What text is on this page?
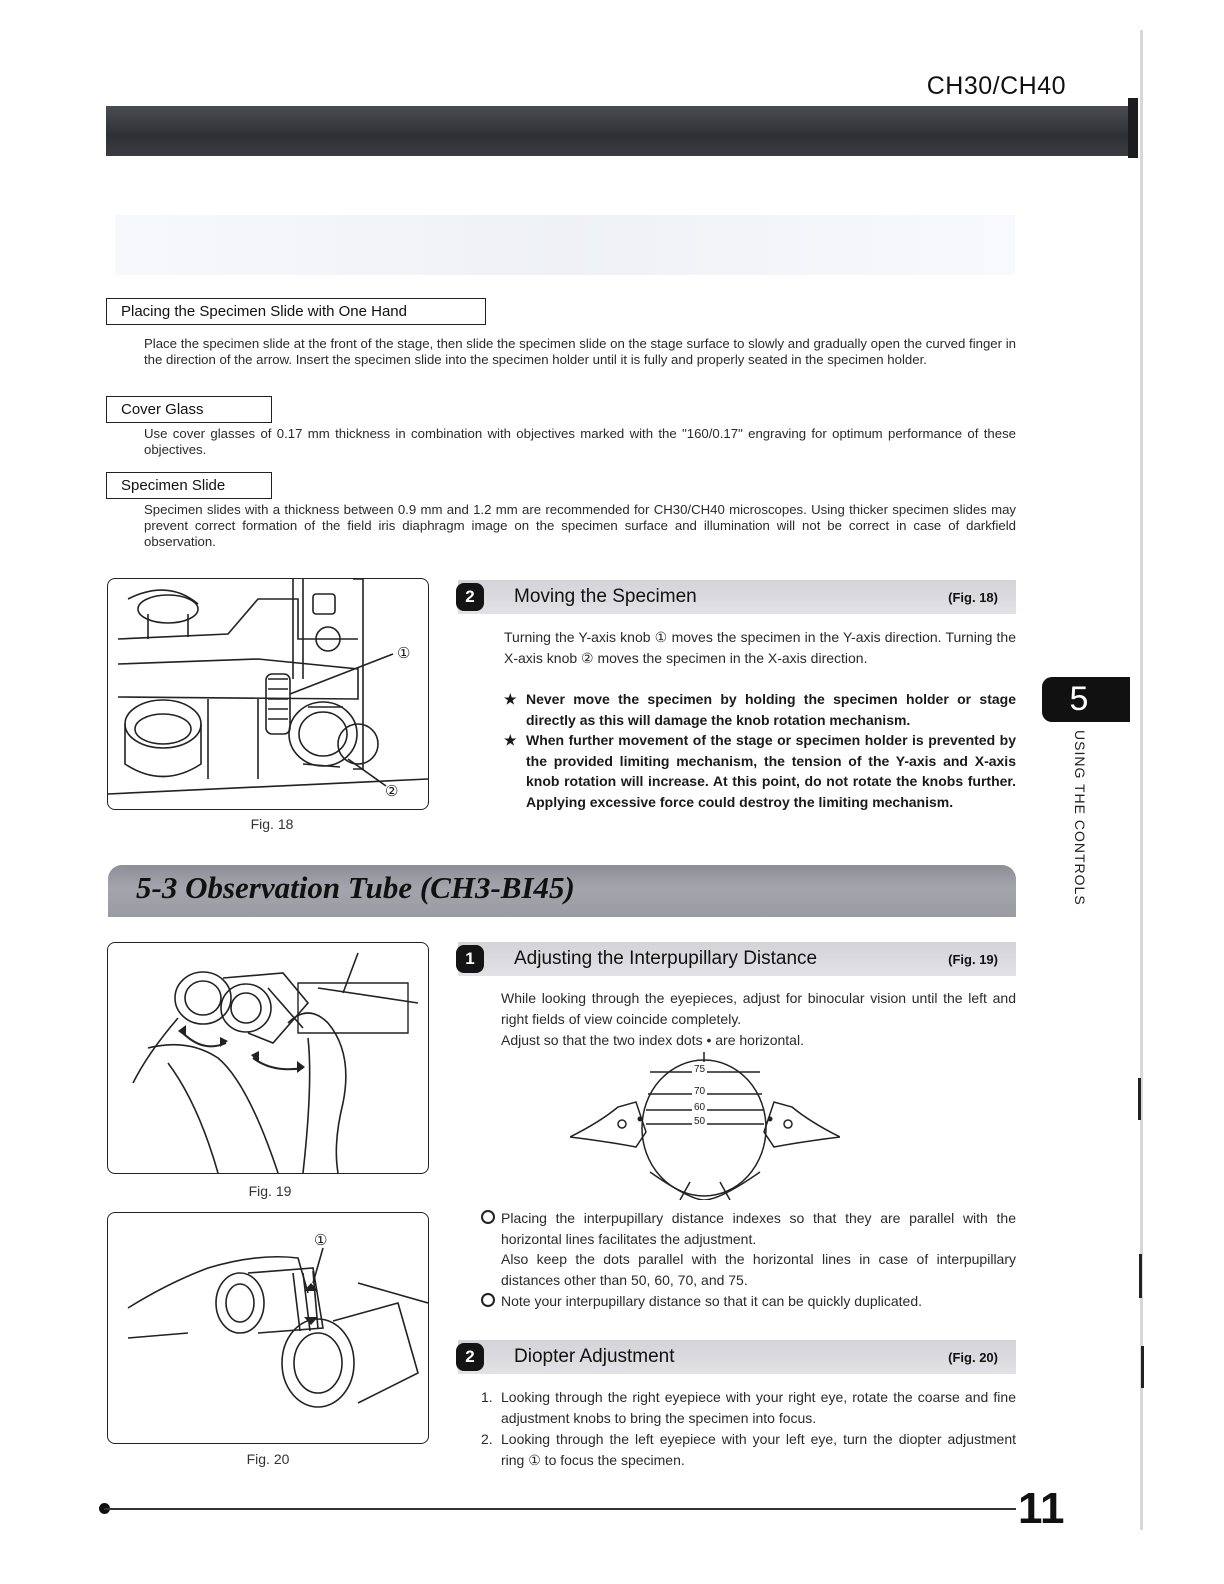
CH30/CH40
Placing the Specimen Slide with One Hand
Place the specimen slide at the front of the stage, then slide the specimen slide on the stage surface to slowly and gradually open the curved finger in the direction of the arrow. Insert the specimen slide into the specimen holder until it is fully and properly seated in the specimen holder.
Cover Glass
Use cover glasses of 0.17 mm thickness in combination with objectives marked with the "160/0.17" engraving for optimum performance of these objectives.
Specimen Slide
Specimen slides with a thickness between 0.9 mm and 1.2 mm are recommended for CH30/CH40 microscopes. Using thicker specimen slides may prevent correct formation of the field iris diaphragm image on the specimen surface and illumination will not be correct in case of darkfield observation.
①
②
Fig. 18
2	Moving the Specimen	(Fig. 18)
Turning the Y-axis knob ① moves the specimen in the Y-axis direction. Turning the X-axis knob ② moves the specimen in the X-axis direction.
★ Never move the specimen by holding the specimen holder or stage directly as this will damage the knob rotation mechanism.
★ When further movement of the stage or specimen holder is prevented by the provided limiting mechanism, the tension of the Y-axis and X-axis knob rotation will increase. At this point, do not rotate the knobs further. Applying excessive force could destroy the limiting mechanism.
5-3 Observation Tube (CH3-BI45)
Fig. 19
①
Fig. 20
1	Adjusting the Interpupillary Distance	(Fig. 19)
While looking through the eyepieces, adjust for binocular vision until the left and right fields of view coincide completely.
Adjust so that the two index dots • are horizontal.
75
70
60
50
Placing the interpupillary distance indexes so that they are parallel with the horizontal lines facilitates the adjustment.
Also keep the dots parallel with the horizontal lines in case of interpupillary distances other than 50, 60, 70, and 75.
Note your interpupillary distance so that it can be quickly duplicated.
2	Diopter Adjustment	(Fig. 20)
1. Looking through the right eyepiece with your right eye, rotate the coarse and fine adjustment knobs to bring the specimen into focus.
2. Looking through the left eyepiece with your left eye, turn the diopter adjustment ring ① to focus the specimen.
5
USING THE CONTROLS
11
